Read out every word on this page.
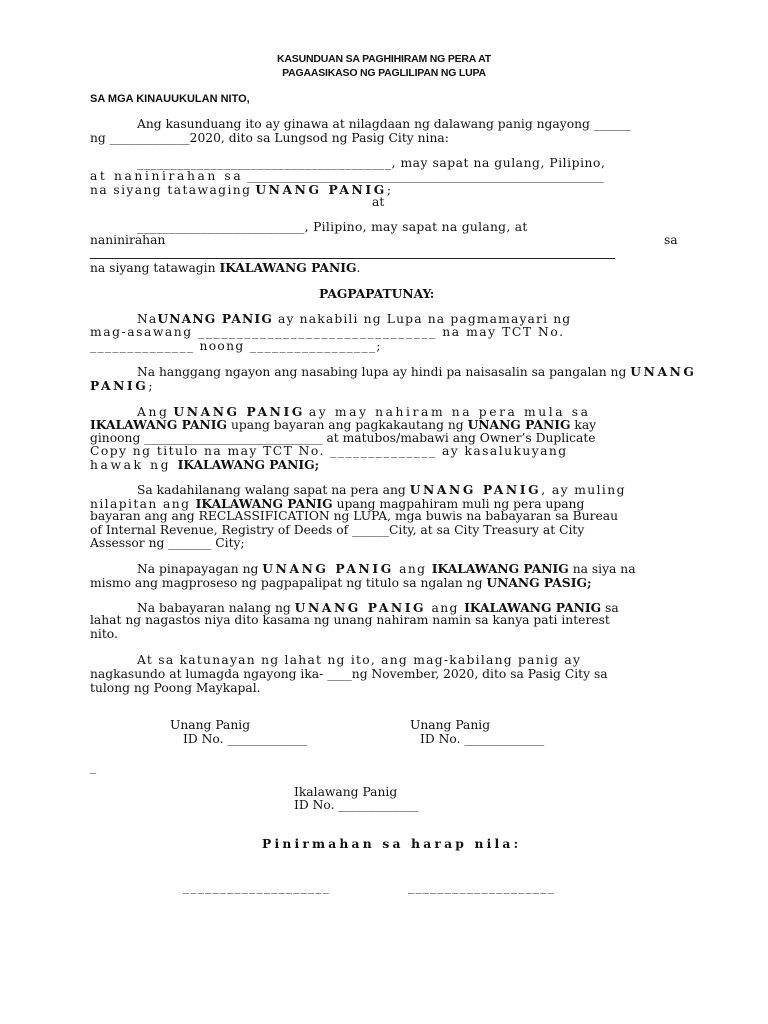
KASUNDUAN SA PAGHIHIRAM NG PERA AT
PAGAASIKASO NG PAGLILIPAN NG LUPA
SA MGA KINAUUKULAN NITO,
Ang kasunduang ito ay ginawa at nilagdaan ng dalawang panig ngayong ______
ng _____________2020, dito sa Lungsod ng Pasig City nina:
______________________________________, may sapat na gulang, Pilipino,
at naninirahan sa __________________________________________________________
na siyang tatawaging UNANG PANIG;
at
__________________________, Pilipino, may sapat na gulang, at
naninirahan	sa
na siyang tatawagin IKALAWANG PANIG.
PAGPAPATUNAY:
NaUNANG PANIG ay nakabili ng Lupa na pagmamayari ng
mag-asawang _______________________________ na may TCT No.
______________ noong _________________;
Na hanggang ngayon ang nasabing lupa ay hindi pa naisasalin sa pangalan ng UNANG
PANIG;
Ang UNANG PANIG ay may nahiram na pera mula sa
IKALAWANG PANIG upang bayaran ang pagkakautang ng UNANG PANIG kay
ginoong _____________________________ at matubos/mabawi ang Owner’s Duplicate
Copy ng titulo na may TCT No. ______________ ay kasalukuyang
hawak ng IKALAWANG PANIG;
Sa kadahilanang walang sapat na pera ang UNANG PANIG, ay muling
nilapitan ang IKALAWANG PANIG upang magpahiram muli ng pera upang
bayaran ang ang RECLASSIFICATION ng LUPA, mga buwis na babayaran sa Bureau
of Internal Revenue, Registry of Deeds of ______City, at sa City Treasury at City
Assessor ng _______ City;
Na pinapayagan ng UNANG PANIG ang IKALAWANG PANIG na siya na
mismo ang magproseso ng pagpapalipat ng titulo sa ngalan ng UNANG PASIG;
Na babayaran nalang ng UNANG PANIG ang IKALAWANG PANIG sa
lahat ng nagastos niya dito kasama ng unang nahiram namin sa kanya pati interest
nito.
At sa katunayan ng lahat ng ito, ang mag-kabilang panig ay
nagkasundo at lumagda ngayong ika- ____ng November, 2020, dito sa Pasig City sa
tulong ng Poong Maykapal.
Unang Panig
ID No. _____________
Unang Panig
ID No. _____________
_
Ikalawang Panig
ID No. _____________
Pinirmahan sa harap nila:
____________________	____________________
